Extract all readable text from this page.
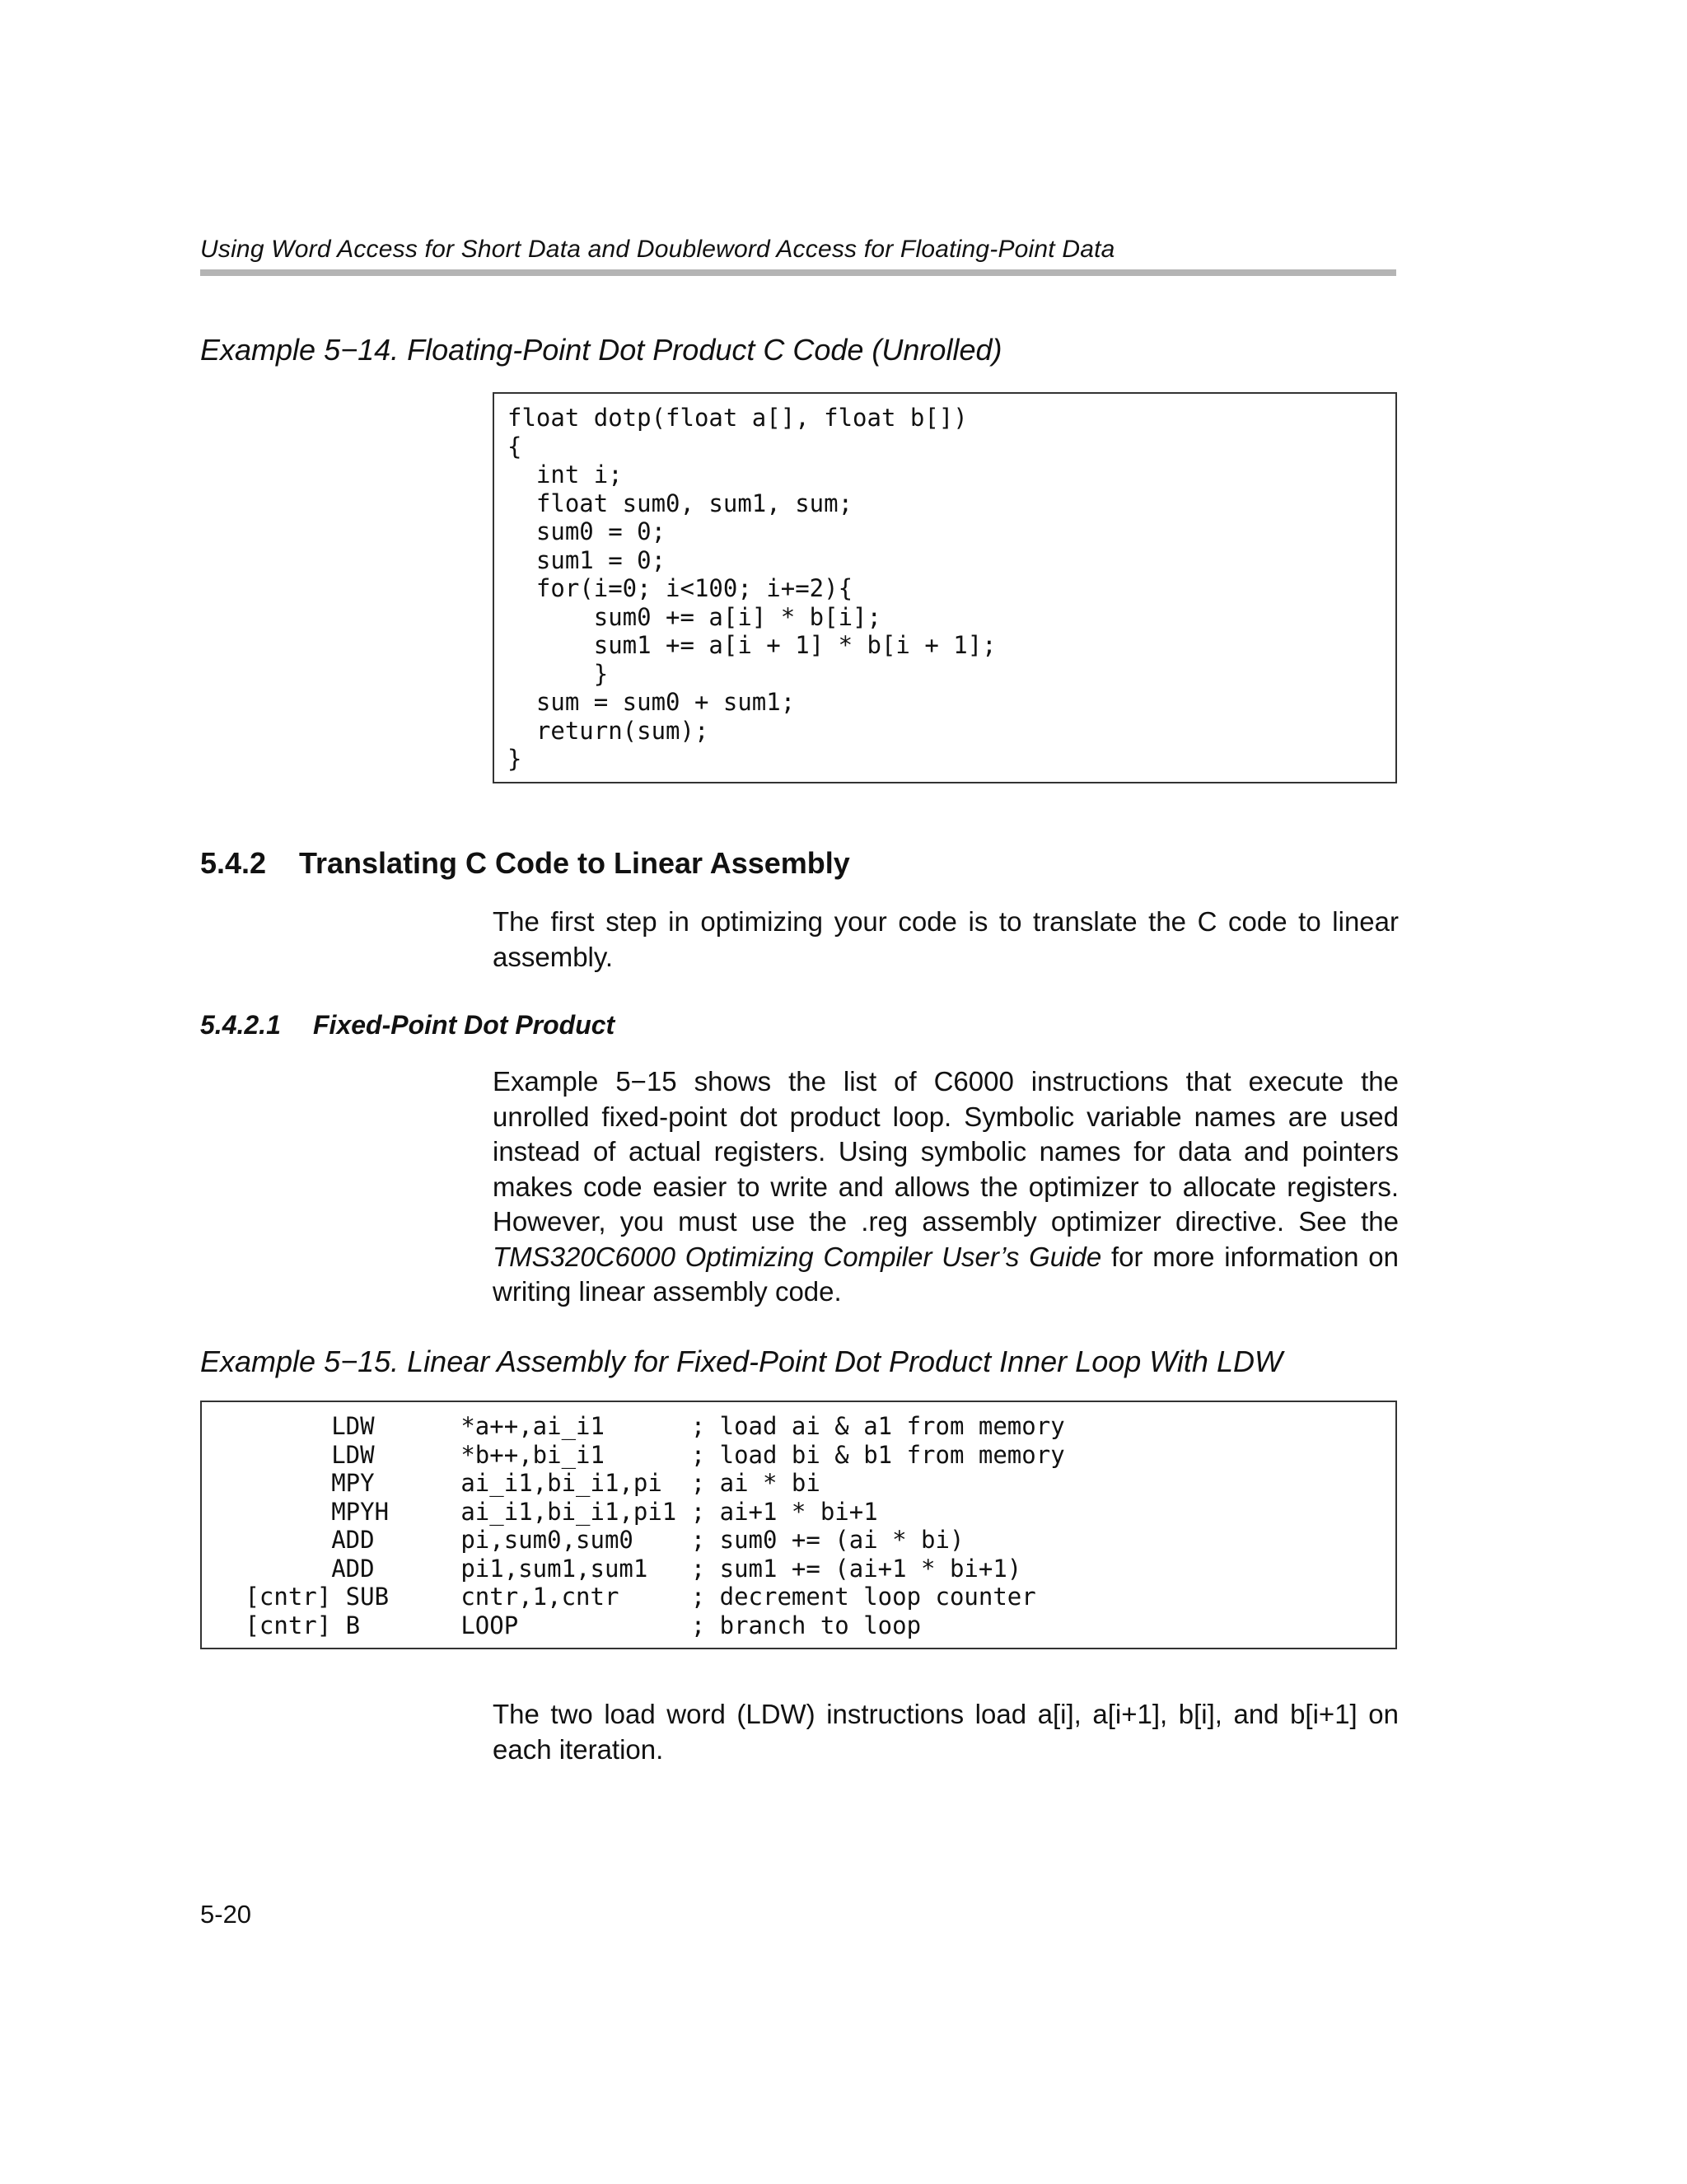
Using Word Access for Short Data and Doubleword Access for Floating-Point Data
Example 5−14. Floating-Point Dot Product C Code (Unrolled)
float dotp(float a[], float b[])
{
int i;
float sum0, sum1, sum;
sum0 = 0;
sum1 = 0;
for(i=0; i<100; i+=2){
sum0 += a[i] * b[i];
sum1 += a[i + 1] * b[i + 1];
}
sum = sum0 + sum1;
return(sum);
}
5.4.2 Translating C Code to Linear Assembly

The first step in optimizing your code is to translate the C code to linear assembly.

5.4.2.1 Fixed-Point Dot Product

Example 5−15 shows the list of C6000 instructions that execute the unrolled fixed-point dot product loop. Symbolic variable names are used instead of actual registers. Using symbolic names for data and pointers makes code easier to write and allows the optimizer to allocate registers. However, you must use the .reg assembly optimizer directive. See the TMS320C6000 Optimizing Compiler User’s Guide for more information on writing linear assembly code.

Example 5−15. Linear Assembly for Fixed-Point Dot Product Inner Loop With LDW
LDW      *a++,ai_i1      ; load ai & a1 from memory
LDW      *b++,bi_i1      ; load bi & b1 from memory
MPY      ai_i1,bi_i1,pi  ; ai * bi
MPYH     ai_i1,bi_i1,pi1 ; ai+1 * bi+1
ADD      pi,sum0,sum0    ; sum0 += (ai * bi)
ADD      pi1,sum1,sum1   ; sum1 += (ai+1 * bi+1)
[cntr] SUB     cntr,1,cntr     ; decrement loop counter
[cntr] B       LOOP            ; branch to loop

The two load word (LDW) instructions load a[i], a[i+1], b[i], and b[i+1] on each iteration.

5-20
